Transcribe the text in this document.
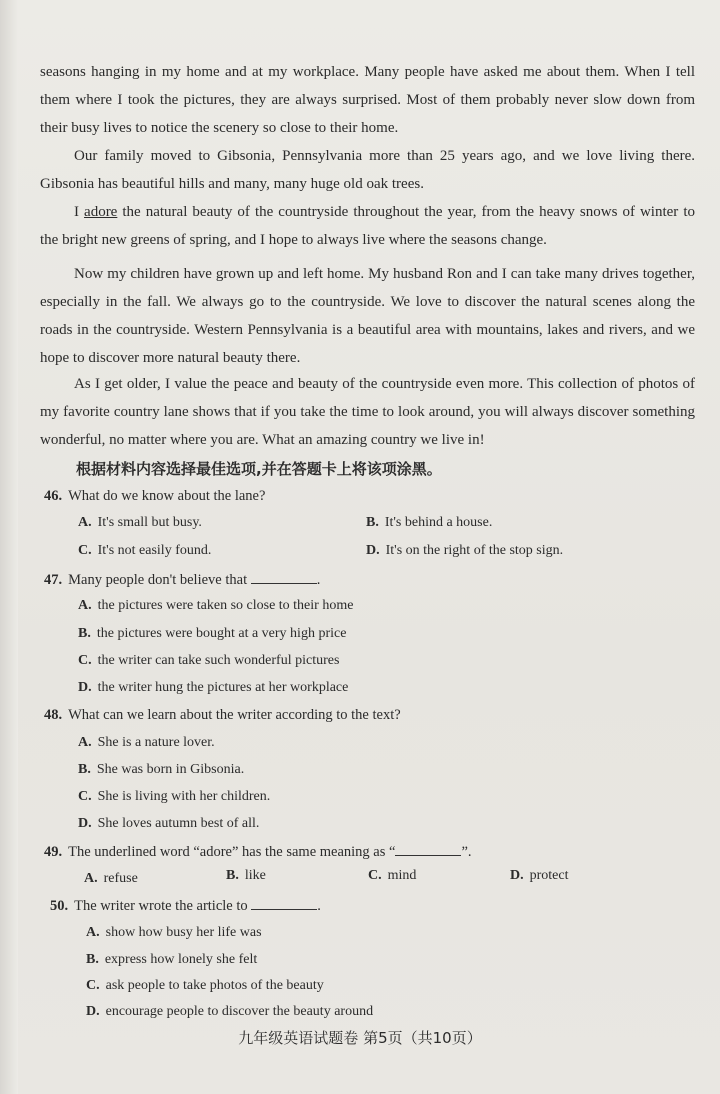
seasons hanging in my home and at my workplace. Many people have asked me about them. When I tell them where I took the pictures, they are always surprised. Most of them probably never slow down from their busy lives to notice the scenery so close to their home.
Our family moved to Gibsonia, Pennsylvania more than 25 years ago, and we love living there. Gibsonia has beautiful hills and many, many huge old oak trees.
I adore the natural beauty of the countryside throughout the year, from the heavy snows of winter to the bright new greens of spring, and I hope to always live where the seasons change.
Now my children have grown up and left home. My husband Ron and I can take many drives together, especially in the fall. We always go to the countryside. We love to discover the natural scenes along the roads in the countryside. Western Pennsylvania is a beautiful area with mountains, lakes and rivers, and we hope to discover more natural beauty there.
As I get older, I value the peace and beauty of the countryside even more. This collection of photos of my favorite country lane shows that if you take the time to look around, you will always discover something wonderful, no matter where you are. What an amazing country we live in!
根据材料内容选择最佳选项,并在答题卡上将该项涂黑。
46. What do we know about the lane?
A. It's small but busy.	B. It's behind a house.
C. It's not easily found.	D. It's on the right of the stop sign.
47. Many people don't believe that	.
A. the pictures were taken so close to their home
B. the pictures were bought at a very high price
C. the writer can take such wonderful pictures
D. the writer hung the pictures at her workplace
48. What can we learn about the writer according to the text?
A. She is a nature lover.
B. She was born in Gibsonia.
C. She is living with her children.
D. She loves autumn best of all.
49. The underlined word “adore” has the same meaning as “	”.
A. refuse	B. like	C. mind	D. protect
50. The writer wrote the article to	.
A. show how busy her life was
B. express how lonely she felt
C. ask people to take photos of the beauty
D. encourage people to discover the beauty around
九年级英语试题卷 第5页（共10页）
